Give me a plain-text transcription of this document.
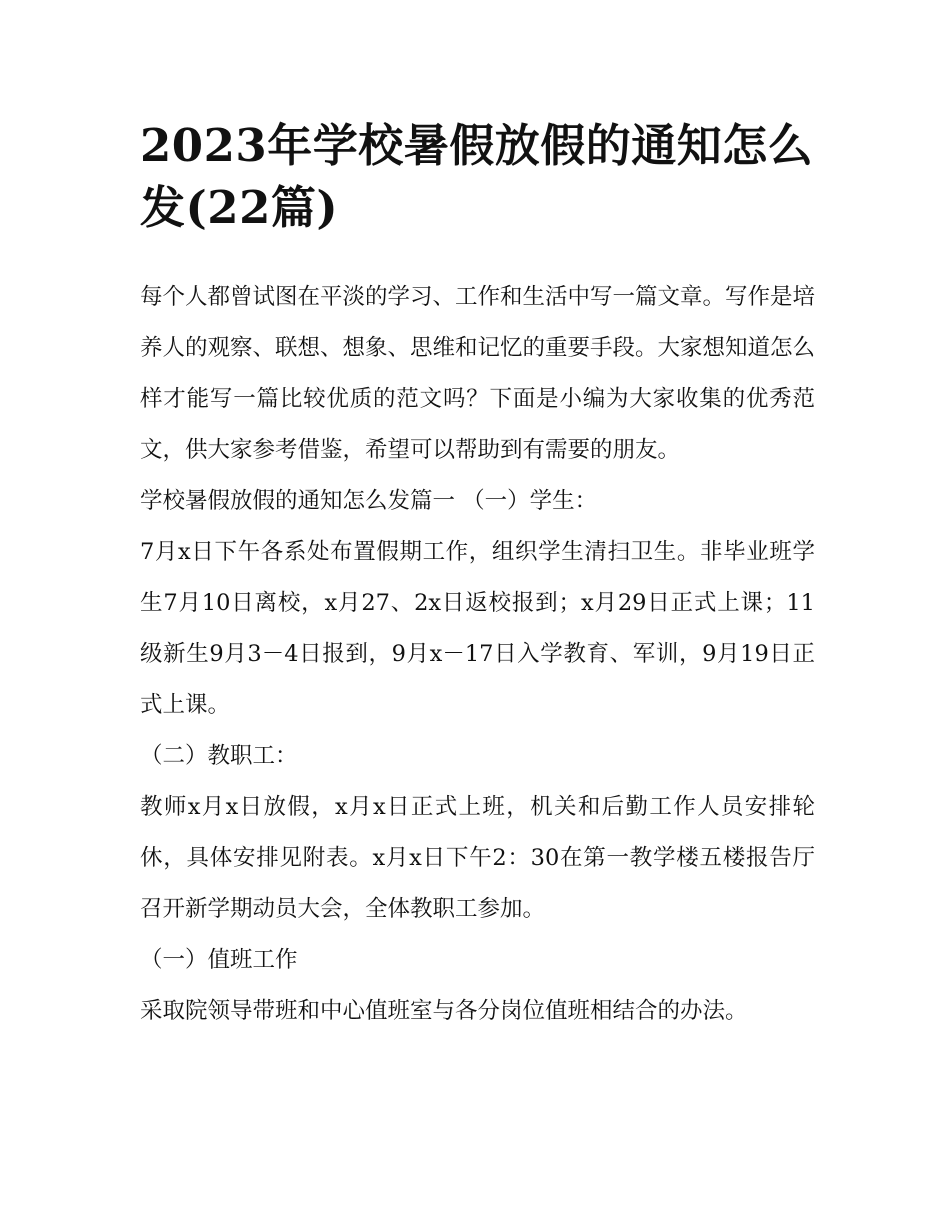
2023年学校暑假放假的通知怎么发(22篇)

每个人都曾试图在平淡的学习、工作和生活中写一篇文章。写作是培养人的观察、联想、想象、思维和记忆的重要手段。大家想知道怎么样才能写一篇比较优质的范文吗？下面是小编为大家收集的优秀范文，供大家参考借鉴，希望可以帮助到有需要的朋友。

学校暑假放假的通知怎么发篇一 （一）学生：

7月x日下午各系处布置假期工作，组织学生清扫卫生。非毕业班学生7月10日离校，x月27、2x日返校报到；x月29日正式上课；11级新生9月3－4日报到，9月x－17日入学教育、军训，9月19日正式上课。

（二）教职工：

教师x月x日放假，x月x日正式上班，机关和后勤工作人员安排轮休，具体安排见附表。x月x日下午2：30在第一教学楼五楼报告厅召开新学期动员大会，全体教职工参加。

（一）值班工作

采取院领导带班和中心值班室与各分岗位值班相结合的办法。
